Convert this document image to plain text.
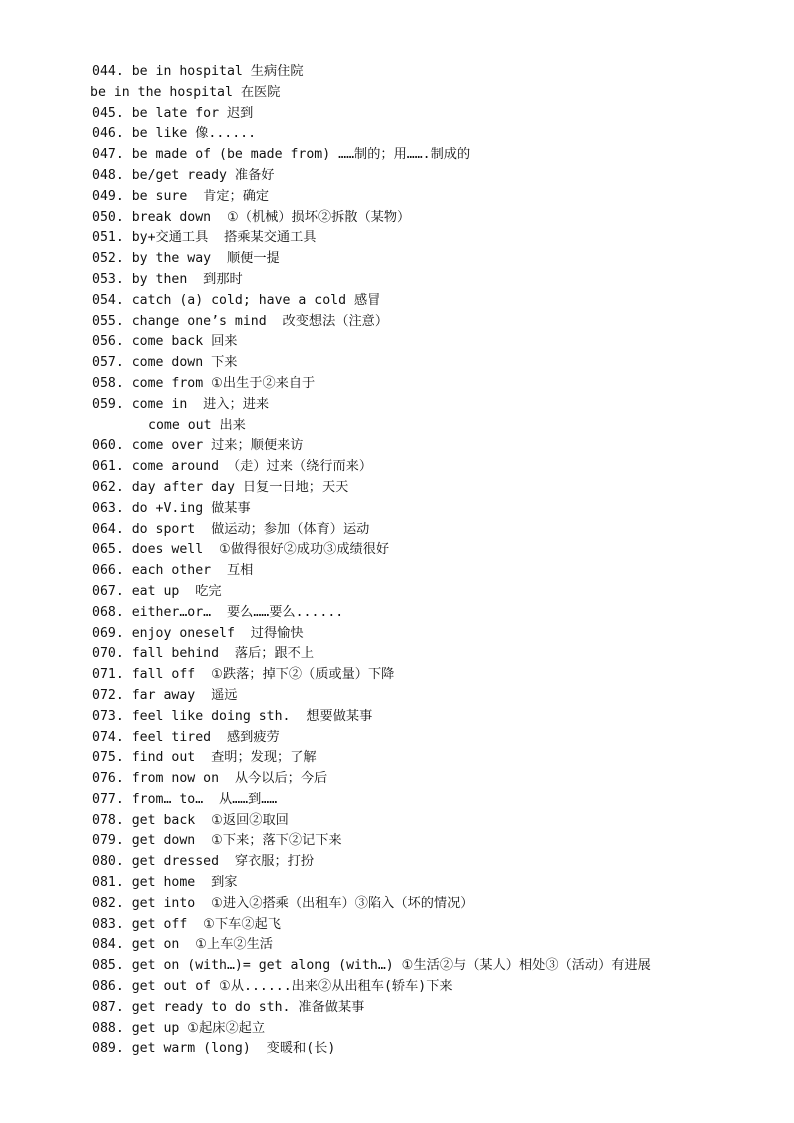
044. be in hospital 生病住院
be in the hospital 在医院
045. be late for 迟到
046. be like 像......
047. be made of (be made from) ……制的；用…….制成的
048. be/get ready 准备好
049. be sure  肯定；确定
050. break down  ①（机械）损坏②拆散（某物）
051. by+交通工具  搭乘某交通工具
052. by the way  顺便一提
053. by then  到那时
054. catch (a) cold; have a cold 感冒
055. change one’s mind  改变想法（注意）
056. come back 回来
057. come down 下来
058. come from ①出生于②来自于
059. come in  进入；进来
come out 出来
060. come over 过来；顺便来访
061. come around （走）过来（绕行而来）
062. day after day 日复一日地；天天
063. do +V.ing 做某事
064. do sport  做运动；参加（体育）运动
065. does well  ①做得很好②成功③成绩很好
066. each other  互相
067. eat up  吃完
068. either…or…  要么……要么......
069. enjoy oneself  过得愉快
070. fall behind  落后；跟不上
071. fall off  ①跌落；掉下②（质或量）下降
072. far away  遥远
073. feel like doing sth.  想要做某事
074. feel tired  感到疲劳
075. find out  查明；发现；了解
076. from now on  从今以后；今后
077. from… to…  从……到……
078. get back  ①返回②取回
079. get down  ①下来；落下②记下来
080. get dressed  穿衣服；打扮
081. get home  到家
082. get into  ①进入②搭乘（出租车）③陷入（坏的情况）
083. get off  ①下车②起飞
084. get on  ①上车②生活
085. get on (with…)= get along (with…) ①生活②与（某人）相处③（活动）有进展
086. get out of ①从......出来②从出租车(轿车)下来
087. get ready to do sth. 准备做某事
088. get up ①起床②起立
089. get warm (long)  变暖和(长)
